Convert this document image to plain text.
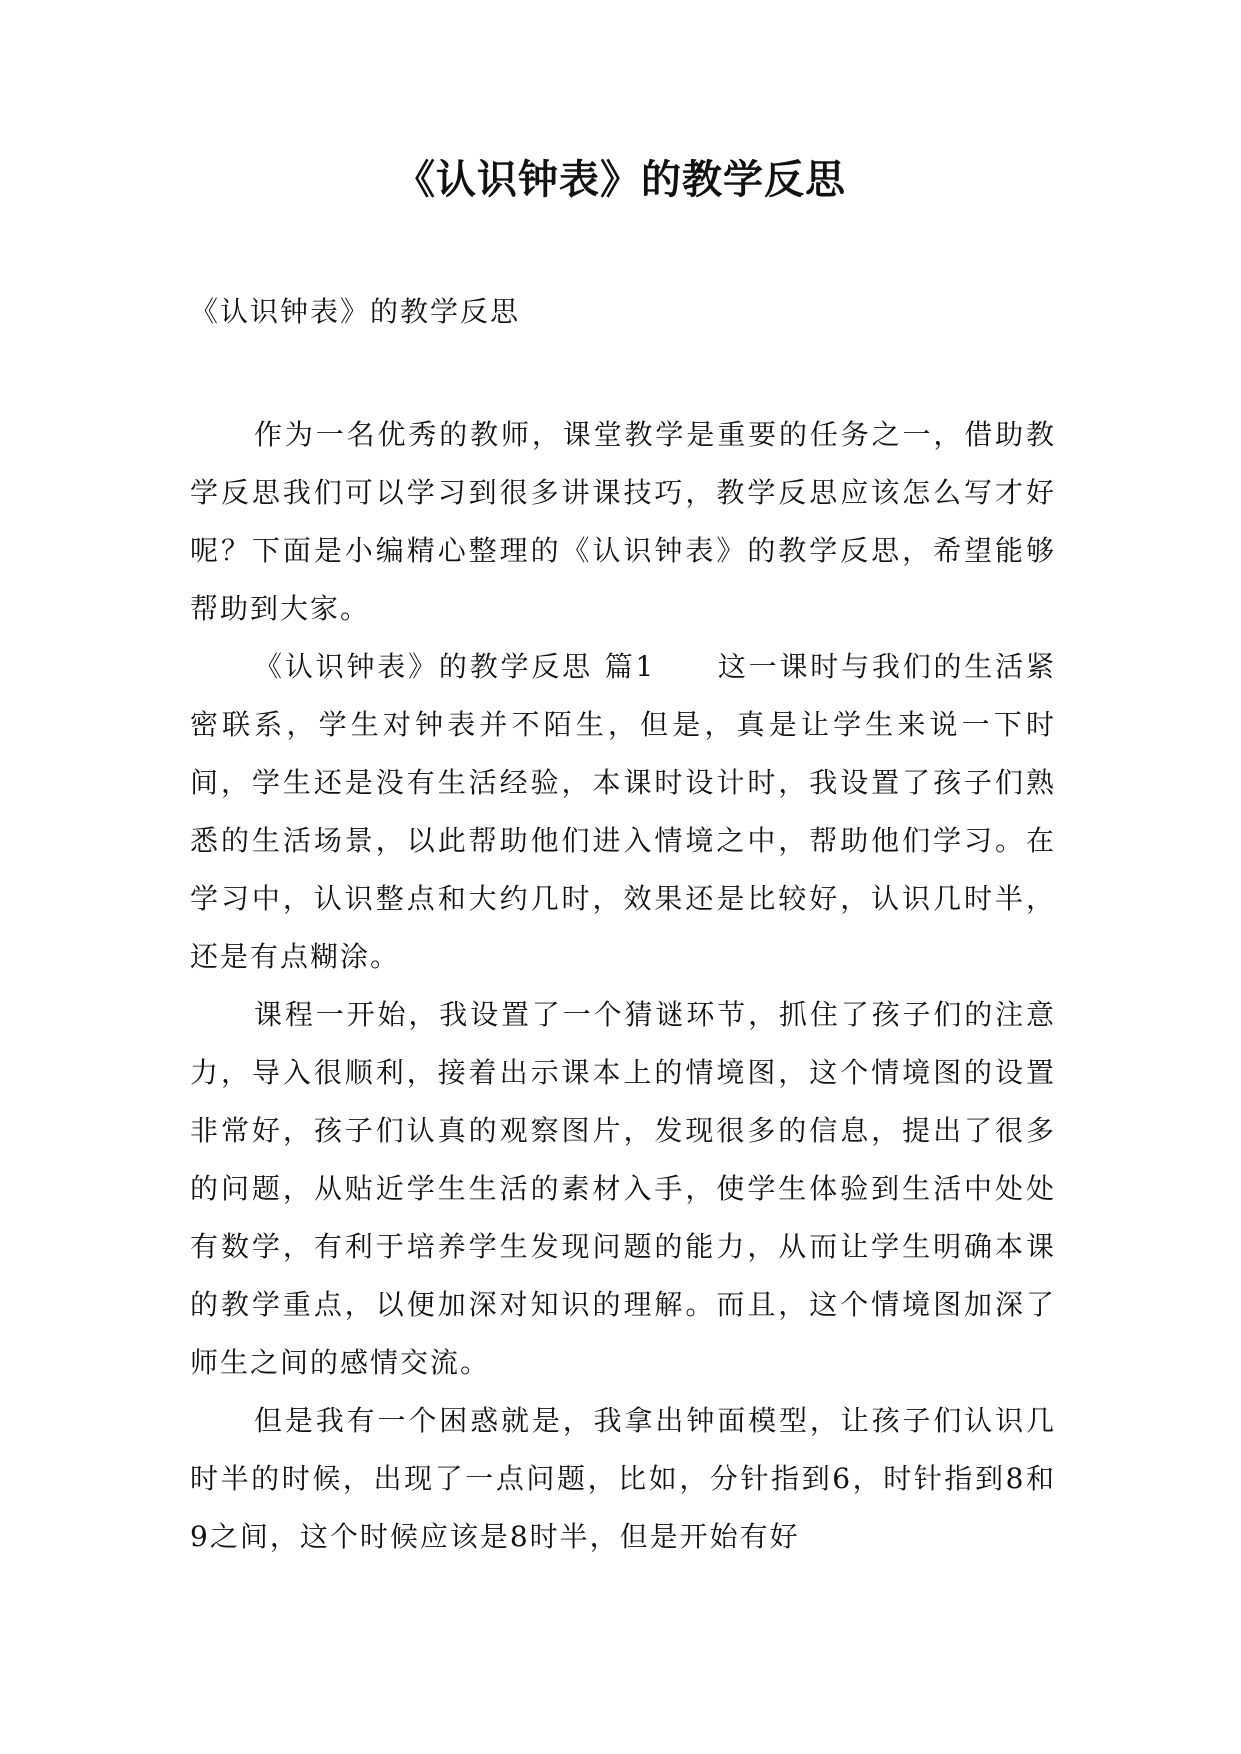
《认识钟表》的教学反思
《认识钟表》的教学反思

作为一名优秀的教师，课堂教学是重要的任务之一，借助教学反思我们可以学习到很多讲课技巧，教学反思应该怎么写才好呢？下面是小编精心整理的《认识钟表》的教学反思，希望能够帮助到大家。

《认识钟表》的教学反思 篇1　　这一课时与我们的生活紧密联系，学生对钟表并不陌生，但是，真是让学生来说一下时间，学生还是没有生活经验，本课时设计时，我设置了孩子们熟悉的生活场景，以此帮助他们进入情境之中，帮助他们学习。在学习中，认识整点和大约几时，效果还是比较好，认识几时半，还是有点糊涂。

课程一开始，我设置了一个猜谜环节，抓住了孩子们的注意力，导入很顺利，接着出示课本上的情境图，这个情境图的设置非常好，孩子们认真的观察图片，发现很多的信息，提出了很多的问题，从贴近学生生活的素材入手，使学生体验到生活中处处有数学，有利于培养学生发现问题的能力，从而让学生明确本课的教学重点，以便加深对知识的理解。而且，这个情境图加深了师生之间的感情交流。

但是我有一个困惑就是，我拿出钟面模型，让孩子们认识几时半的时候，出现了一点问题，比如，分针指到6，时针指到8和9之间，这个时候应该是8时半，但是开始有好
